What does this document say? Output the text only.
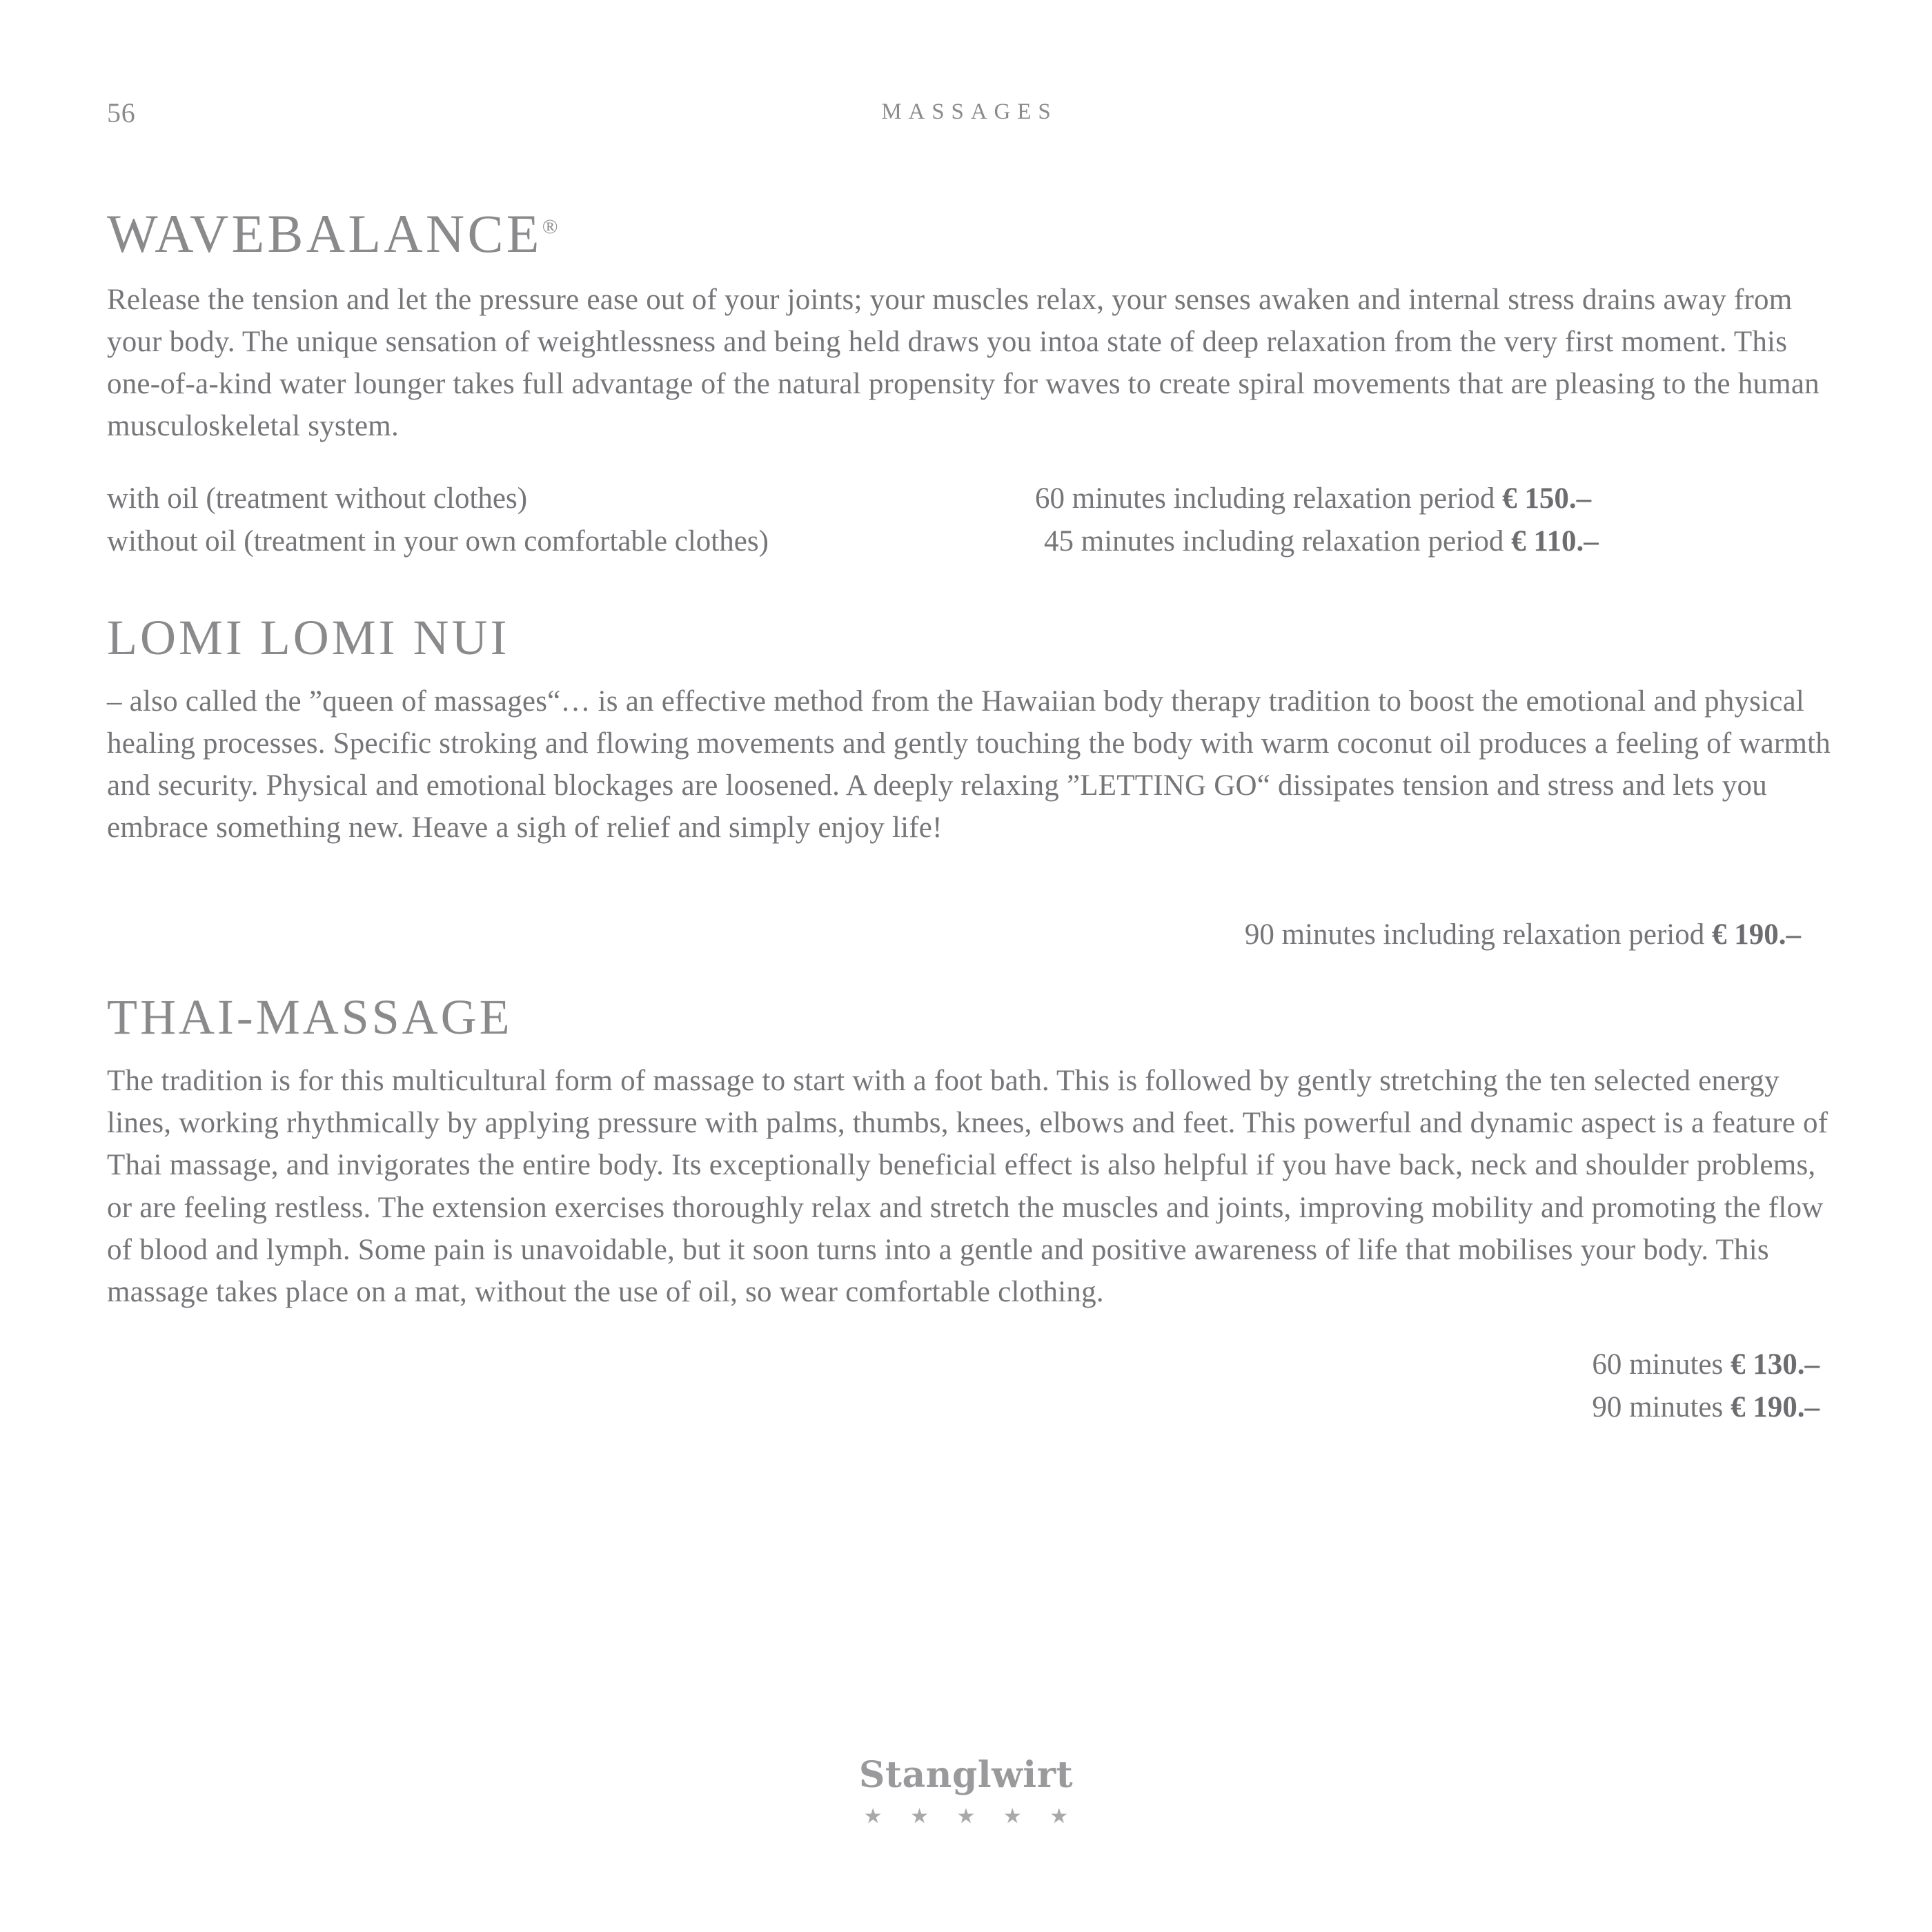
56	MASSAGES
WAVEBALANCE®

Release the tension and let the pressure ease out of your joints; your muscles relax, your senses awaken and internal stress drains away from your body. The unique sensation of weightlessness and being held draws you intoa state of deep relaxation from the very first moment. This one-of-a-kind water lounger takes full advantage of the natural propensity for waves to create spiral movements that are pleasing to the human musculoskeletal system.

with oil (treatment without clothes)	60 minutes including relaxation period € 150.–
without oil (treatment in your own comfortable clothes)	45 minutes including relaxation period € 110.–
LOMI LOMI NUI

– also called the ”queen of massages“… is an effective method from the Hawaiian body therapy tradition to boost the emotional and physical healing processes. Specific stroking and flowing movements and gently touching the body with warm coconut oil produces a feeling of warmth and security. Physical and emotional blockages are loosened. A deeply relaxing ”LETTING GO“ dissipates tension and stress and lets you embrace something new. Heave a sigh of relief and simply enjoy life!

90 minutes including relaxation period € 190.–
THAI-MASSAGE

The tradition is for this multicultural form of massage to start with a foot bath. This is followed by gently stretching the ten selected energy lines, working rhythmically by applying pressure with palms, thumbs, knees, elbows and feet. This powerful and dynamic aspect is a feature of Thai massage, and invigorates the entire body. Its exceptionally beneficial effect is also helpful if you have back, neck and shoulder problems, or are feeling restless. The extension exercises thoroughly relax and stretch the muscles and joints, improving mobility and promoting the flow of blood and lymph. Some pain is unavoidable, but it soon turns into a gentle and positive awareness of life that mobilises your body. This massage takes place on a mat, without the use of oil, so wear comfortable clothing.

60 minutes € 130.–
90 minutes € 190.–
Stanglwirt
★ ★ ★ ★ ★
